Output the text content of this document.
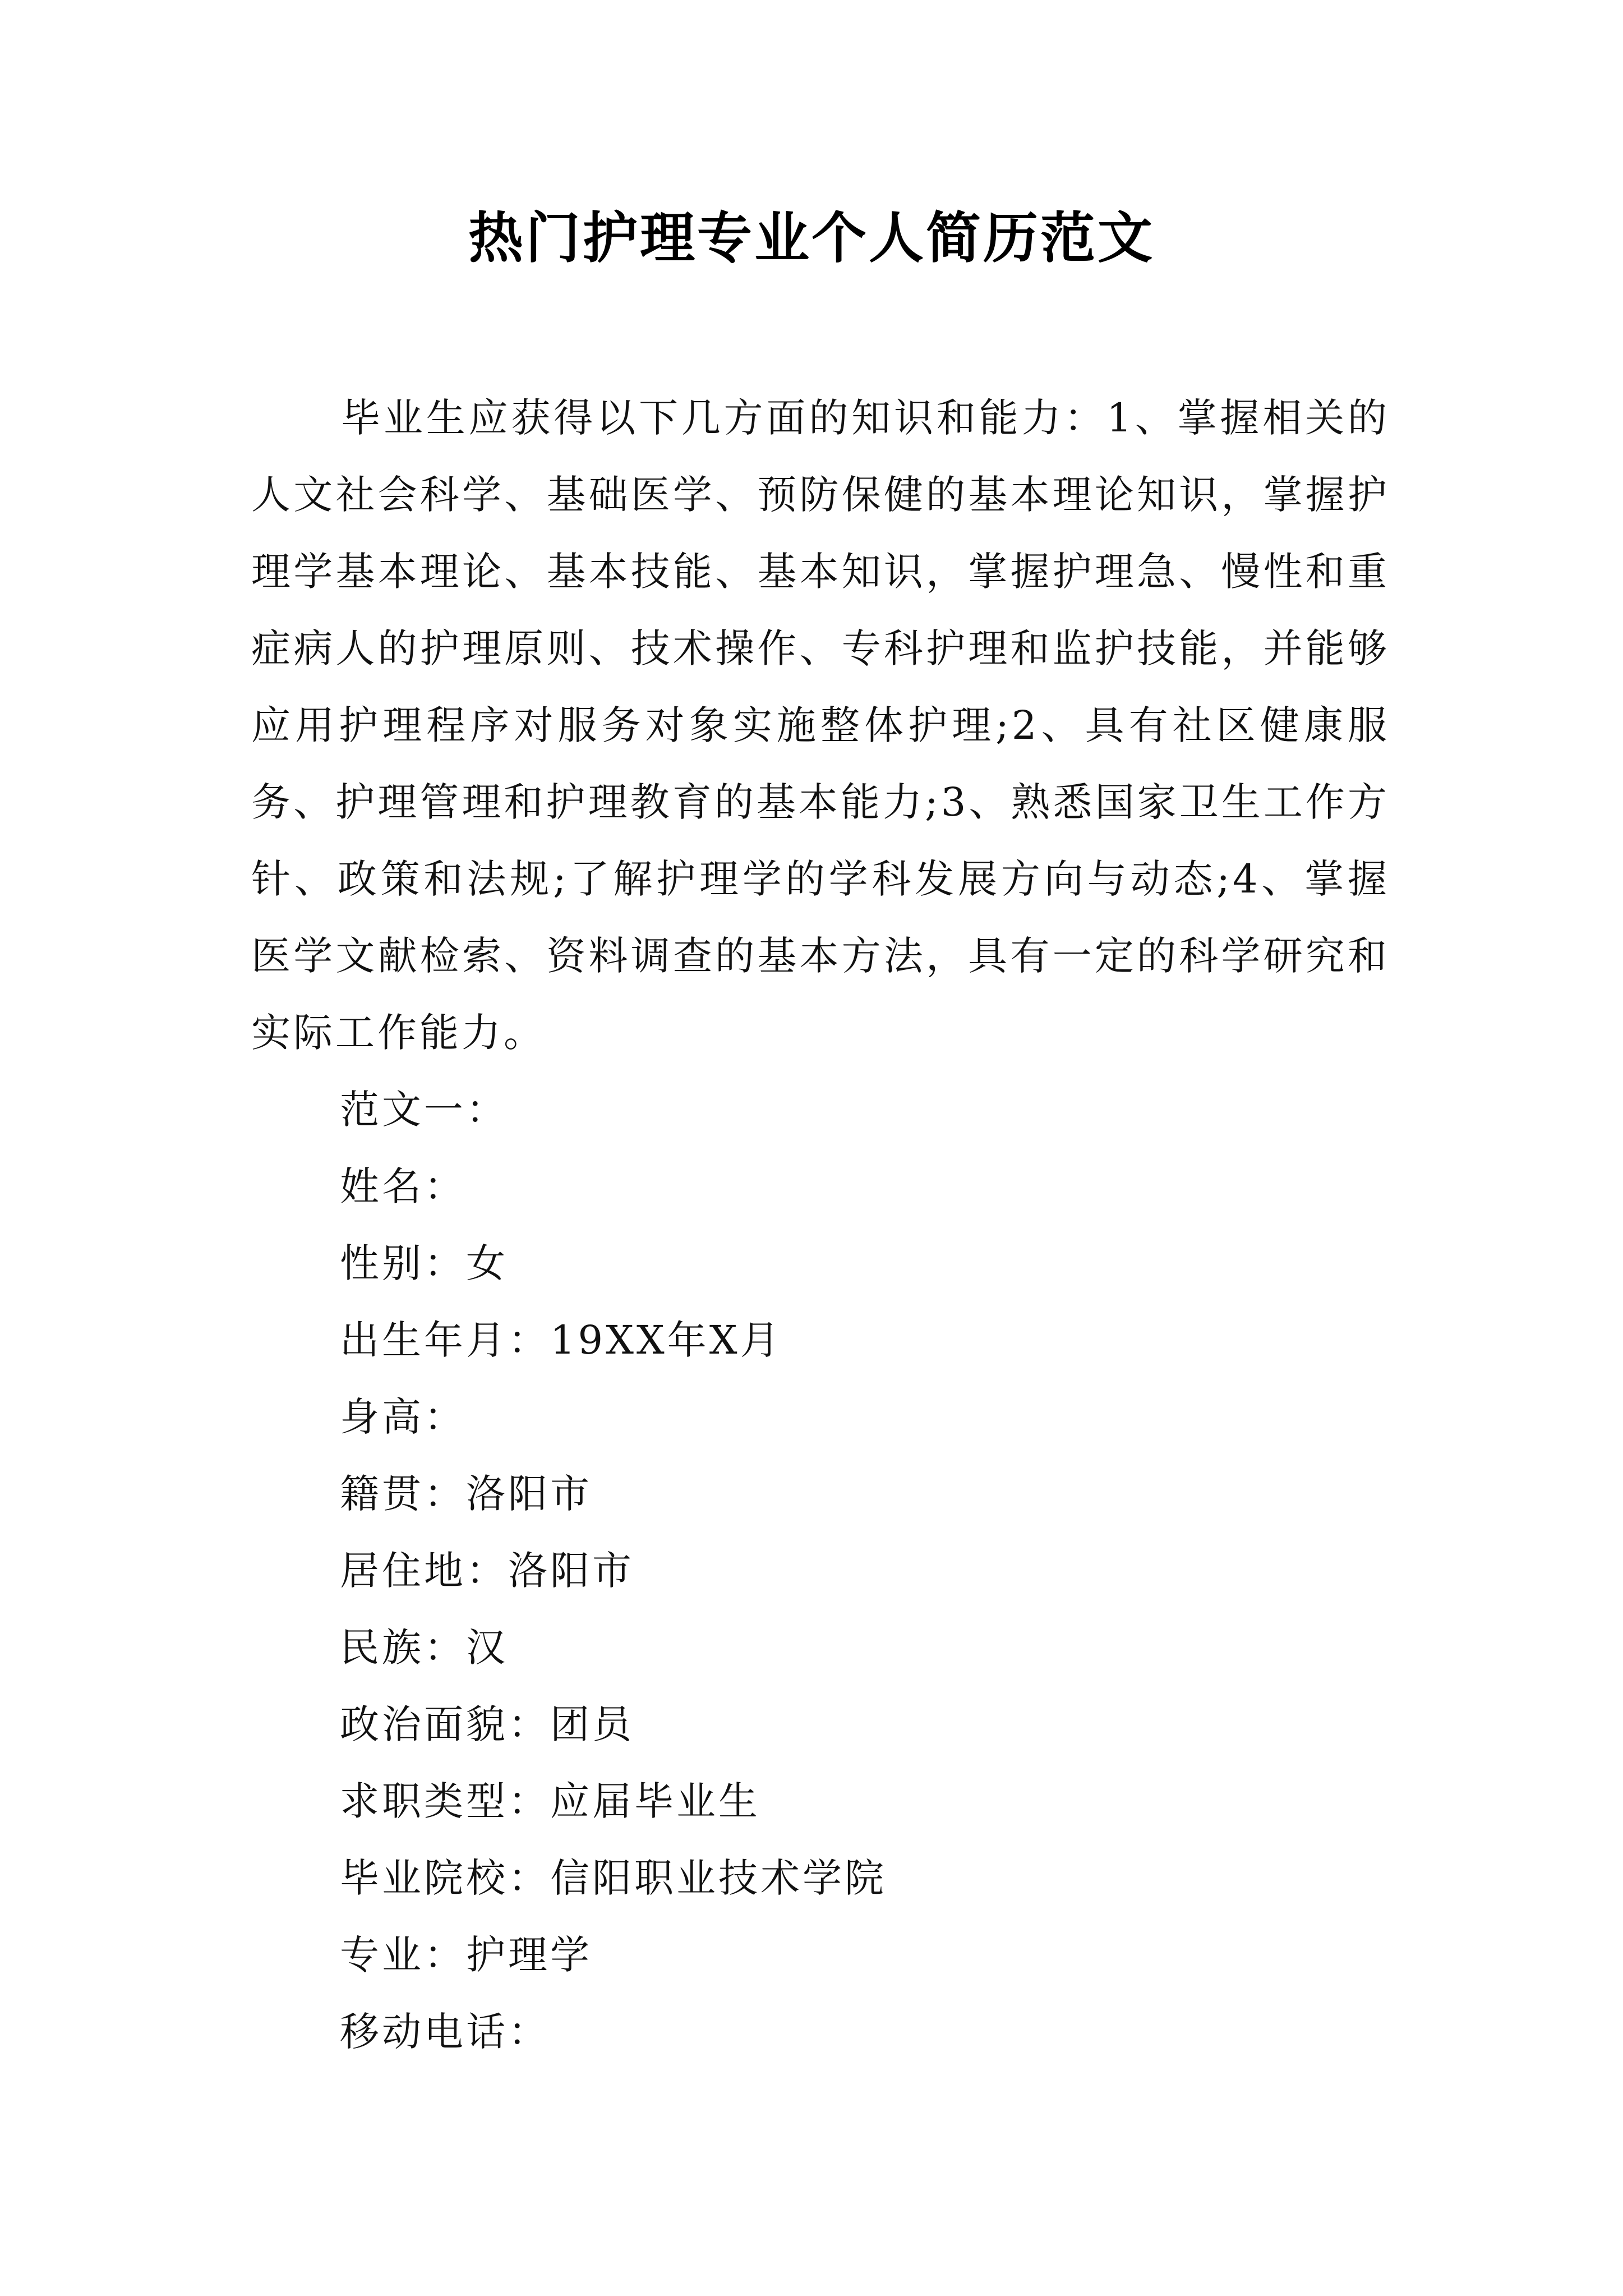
热门护理专业个人简历范文

毕业生应获得以下几方面的知识和能力：1、掌握相关的人文社会科学、基础医学、预防保健的基本理论知识，掌握护理学基本理论、基本技能、基本知识，掌握护理急、慢性和重症病人的护理原则、技术操作、专科护理和监护技能，并能够应用护理程序对服务对象实施整体护理;2、具有社区健康服务、护理管理和护理教育的基本能力;3、熟悉国家卫生工作方针、政策和法规;了解护理学的学科发展方向与动态;4、掌握医学文献检索、资料调查的基本方法，具有一定的科学研究和实际工作能力。

范文一：
姓名：
性别：女
出生年月：19XX年X月
身高：
籍贯：洛阳市
居住地：洛阳市
民族：汉
政治面貌：团员
求职类型：应届毕业生
毕业院校：信阳职业技术学院
专业：护理学
移动电话：
